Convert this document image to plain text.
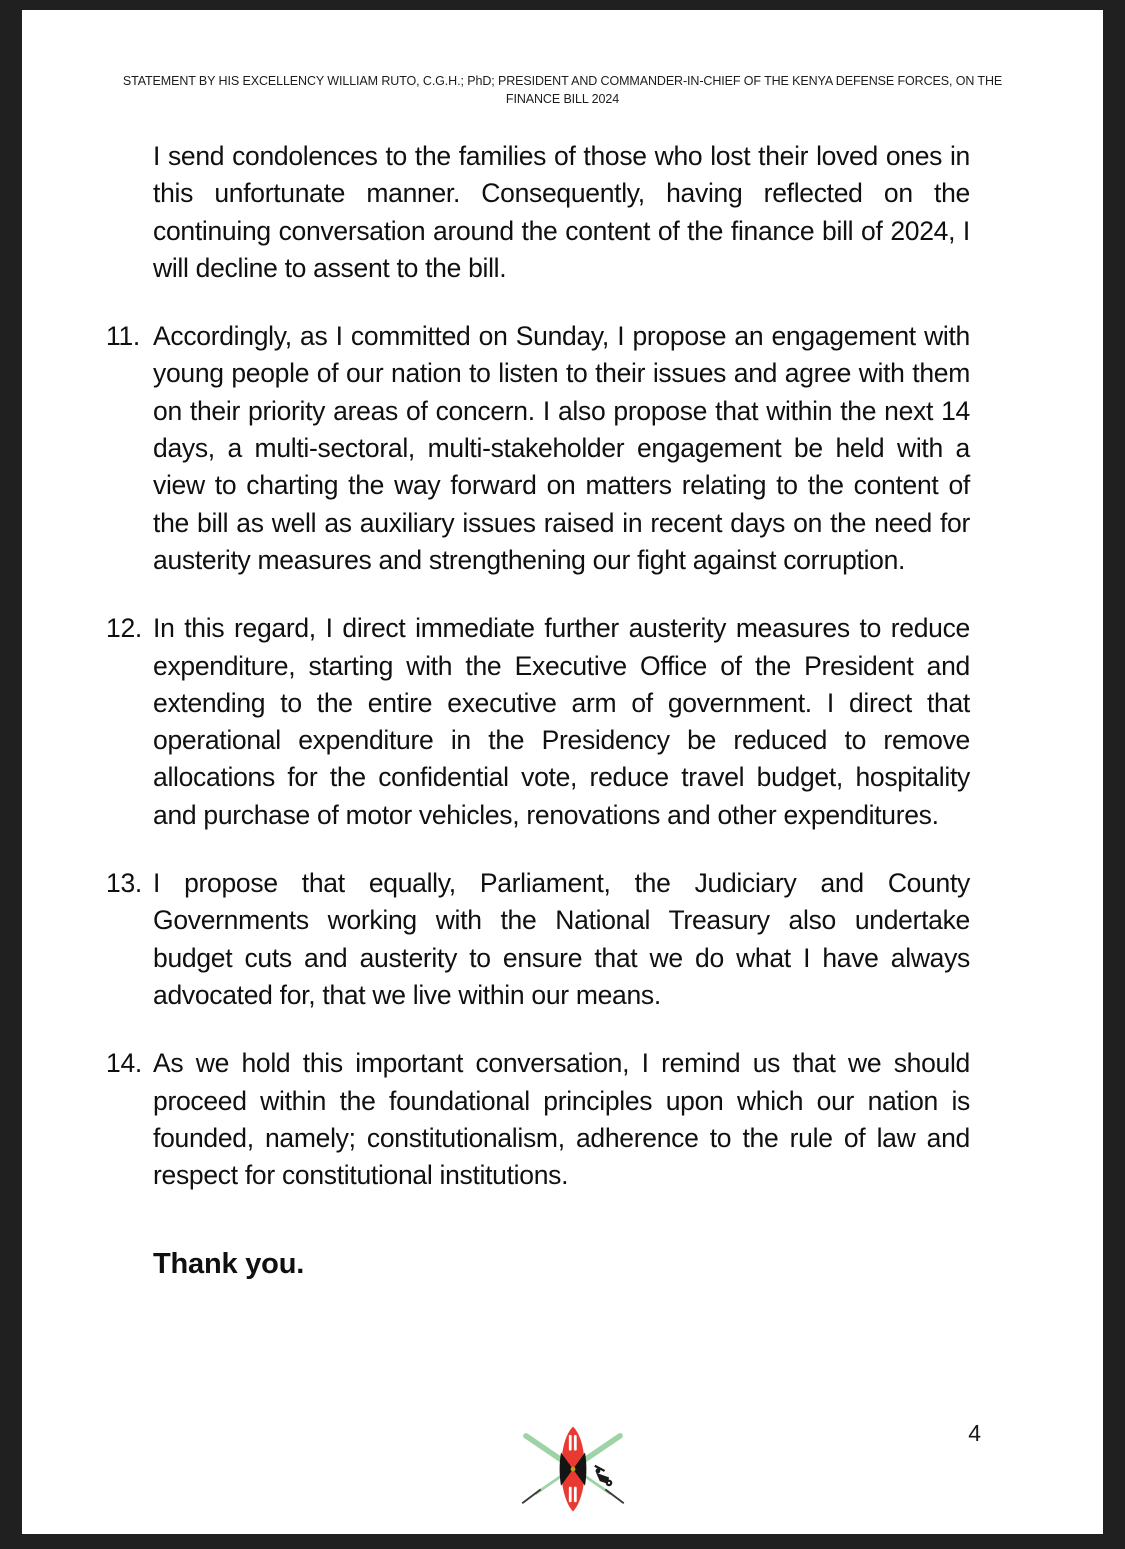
STATEMENT BY HIS EXCELLENCY WILLIAM RUTO, C.G.H.; PhD; PRESIDENT AND COMMANDER-IN-CHIEF OF THE KENYA DEFENSE FORCES, ON THE FINANCE BILL 2024
I send condolences to the families of those who lost their loved ones in this unfortunate manner. Consequently, having reflected on the continuing conversation around the content of the finance bill of 2024, I will decline to assent to the bill.
11. Accordingly, as I committed on Sunday, I propose an engagement with young people of our nation to listen to their issues and agree with them on their priority areas of concern. I also propose that within the next 14 days, a multi-sectoral, multi-stakeholder engagement be held with a view to charting the way forward on matters relating to the content of the bill as well as auxiliary issues raised in recent days on the need for austerity measures and strengthening our fight against corruption.
12. In this regard, I direct immediate further austerity measures to reduce expenditure, starting with the Executive Office of the President and extending to the entire executive arm of government. I direct that operational expenditure in the Presidency be reduced to remove allocations for the confidential vote, reduce travel budget, hospitality and purchase of motor vehicles, renovations and other expenditures.
13. I propose that equally, Parliament, the Judiciary and County Governments working with the National Treasury also undertake budget cuts and austerity to ensure that we do what I have always advocated for, that we live within our means.
14. As we hold this important conversation, I remind us that we should proceed within the foundational principles upon which our nation is founded, namely; constitutionalism, adherence to the rule of law and respect for constitutional institutions.
Thank you.
4
